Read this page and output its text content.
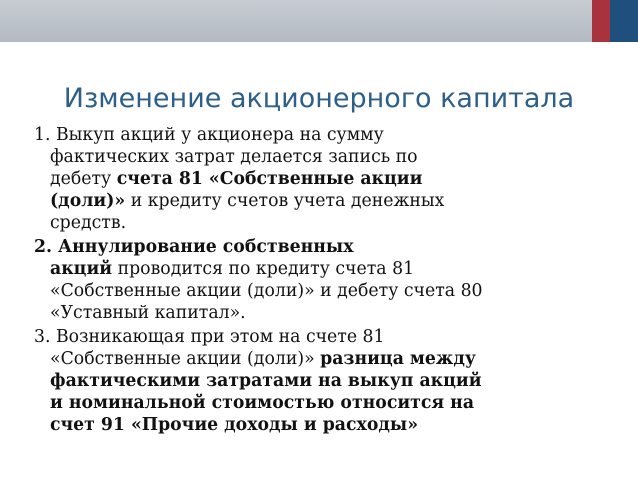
Изменение акционерного капитала
1. Выкуп акций у акционера на сумму
фактических затрат делается запись по
дебету счета 81 «Собственные акции
(доли)» и кредиту счетов учета денежных
средств.
2. Аннулирование собственных
акций проводится по кредиту счета 81
«Собственные акции (доли)» и дебету счета 80
«Уставный капитал».
3. Возникающая при этом на счете 81
«Собственные акции (доли)» разница между
фактическими затратами на выкуп акций
и номинальной стоимостью относится на
счет 91 «Прочие доходы и расходы»
